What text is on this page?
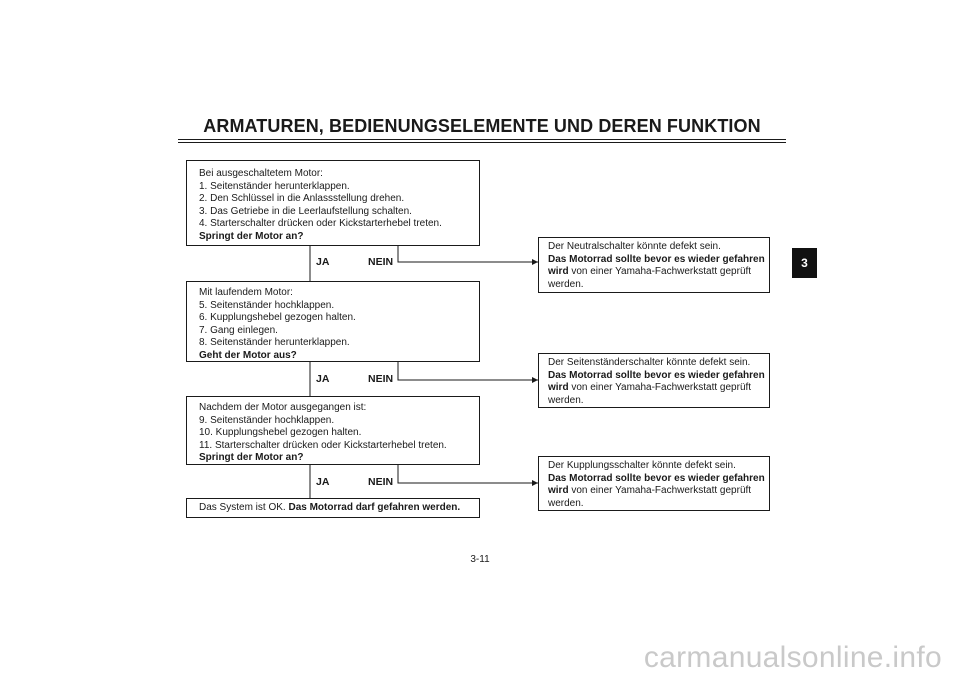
ARMATUREN, BEDIENUNGSELEMENTE UND DEREN FUNKTION
3
Bei ausgeschaltetem Motor:
1. Seitenständer herunterklappen.
2. Den Schlüssel in die Anlassstellung drehen.
3. Das Getriebe in die Leerlaufstellung schalten.
4. Starterschalter drücken oder Kickstarterhebel treten.
Springt der Motor an?
JA	NEIN
Mit laufendem Motor:
5. Seitenständer hochklappen.
6. Kupplungshebel gezogen halten.
7. Gang einlegen.
8. Seitenständer herunterklappen.
Geht der Motor aus?
JA	NEIN
Nachdem der Motor ausgegangen ist:
9. Seitenständer hochklappen.
10. Kupplungshebel gezogen halten.
11. Starterschalter drücken oder Kickstarterhebel treten.
Springt der Motor an?
JA	NEIN
Das System ist OK. Das Motorrad darf gefahren werden.
Der Neutralschalter könnte defekt sein.
Das Motorrad sollte bevor es wieder gefahren
wird von einer Yamaha-Fachwerkstatt geprüft
werden.
Der Seitenständerschalter könnte defekt sein.
Das Motorrad sollte bevor es wieder gefahren
wird von einer Yamaha-Fachwerkstatt geprüft
werden.
Der Kupplungsschalter könnte defekt sein.
Das Motorrad sollte bevor es wieder gefahren
wird von einer Yamaha-Fachwerkstatt geprüft
werden.
3-11
carmanualsonline.info
